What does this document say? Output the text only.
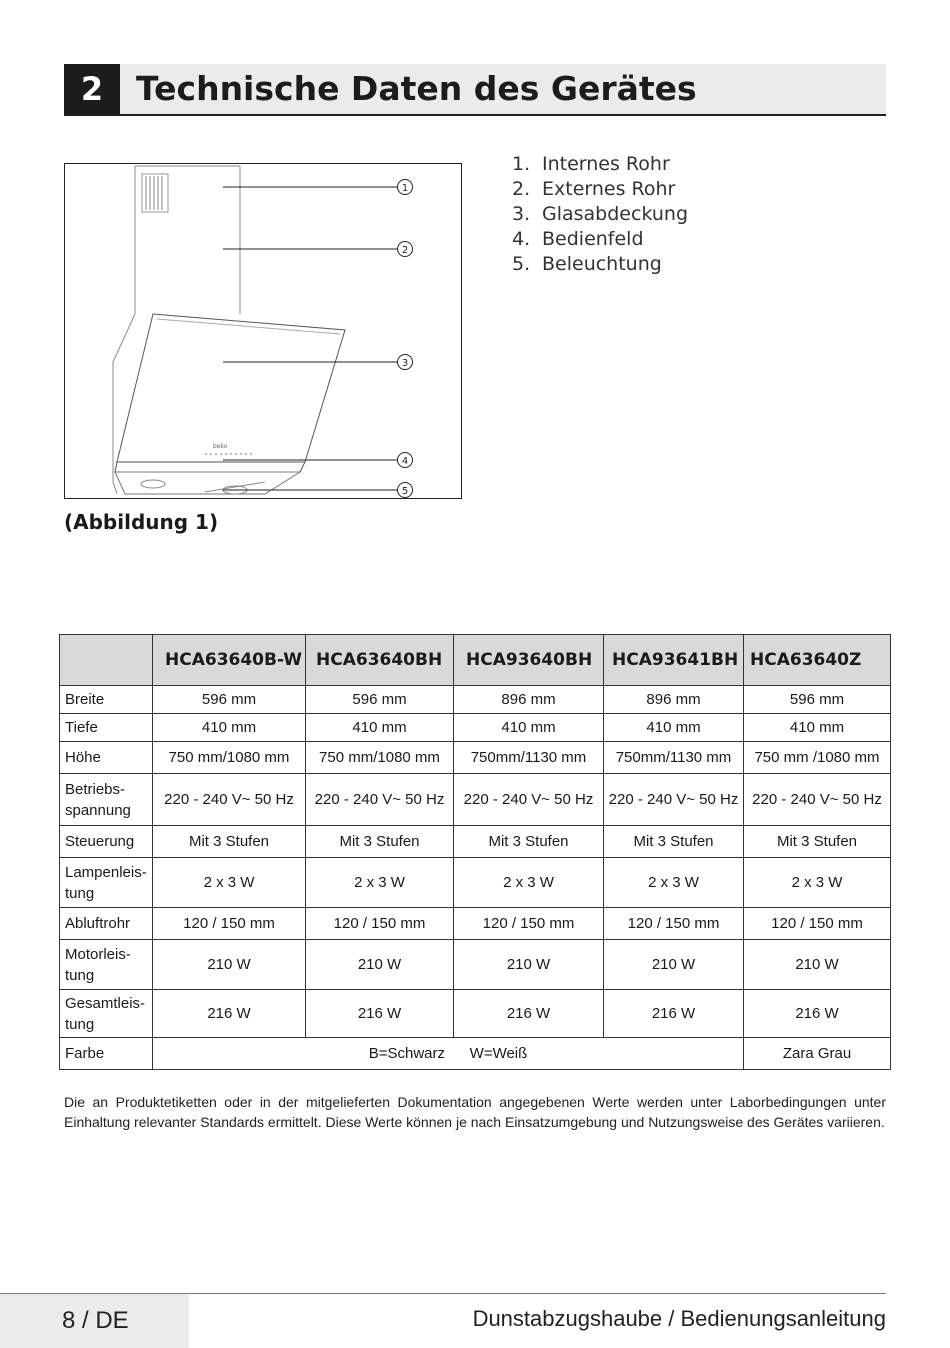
2 Technische Daten des Gerätes
beko
1
2
3
4
5
(Abbildung 1)
1. Internes Rohr
2. Externes Rohr
3. Glasabdeckung
4. Bedienfeld
5. Beleuchtung
	HCA63640B-W	HCA63640BH	HCA93640BH	HCA93641BH	HCA63640Z
Breite	596 mm	596 mm	896 mm	896 mm	596 mm
Tiefe	410 mm	410 mm	410 mm	410 mm	410 mm
Höhe	750 mm/1080 mm	750 mm/1080 mm	750mm/1130 mm	750mm/1130 mm	750 mm /1080 mm
Betriebs-
spannung	220 - 240 V~ 50 Hz	220 - 240 V~ 50 Hz	220 - 240 V~ 50 Hz	220 - 240 V~ 50 Hz	220 - 240 V~ 50 Hz
Steuerung	Mit 3 Stufen	Mit 3 Stufen	Mit 3 Stufen	Mit 3 Stufen	Mit 3 Stufen
Lampenleis-
tung	2 x 3 W	2 x 3 W	2 x 3 W	2 x 3 W	2 x 3 W
Abluftrohr	120 / 150 mm	120 / 150 mm	120 / 150 mm	120 / 150 mm	120 / 150 mm
Motorleis-
tung	210 W	210 W	210 W	210 W	210 W
Gesamtleis-
tung	216 W	216 W	216 W	216 W	216 W
Farbe	B=Schwarz    W=Weiß				Zara Grau
Die an Produktetiketten oder in der mitgelieferten Dokumentation angegebenen Werte werden unter Laborbedingungen unter Einhaltung relevanter Standards ermittelt. Diese Werte können je nach Einsatzumgebung und Nutzungsweise des Gerätes variieren.
8 / DE	Dunstabzugshaube / Bedienungsanleitung
